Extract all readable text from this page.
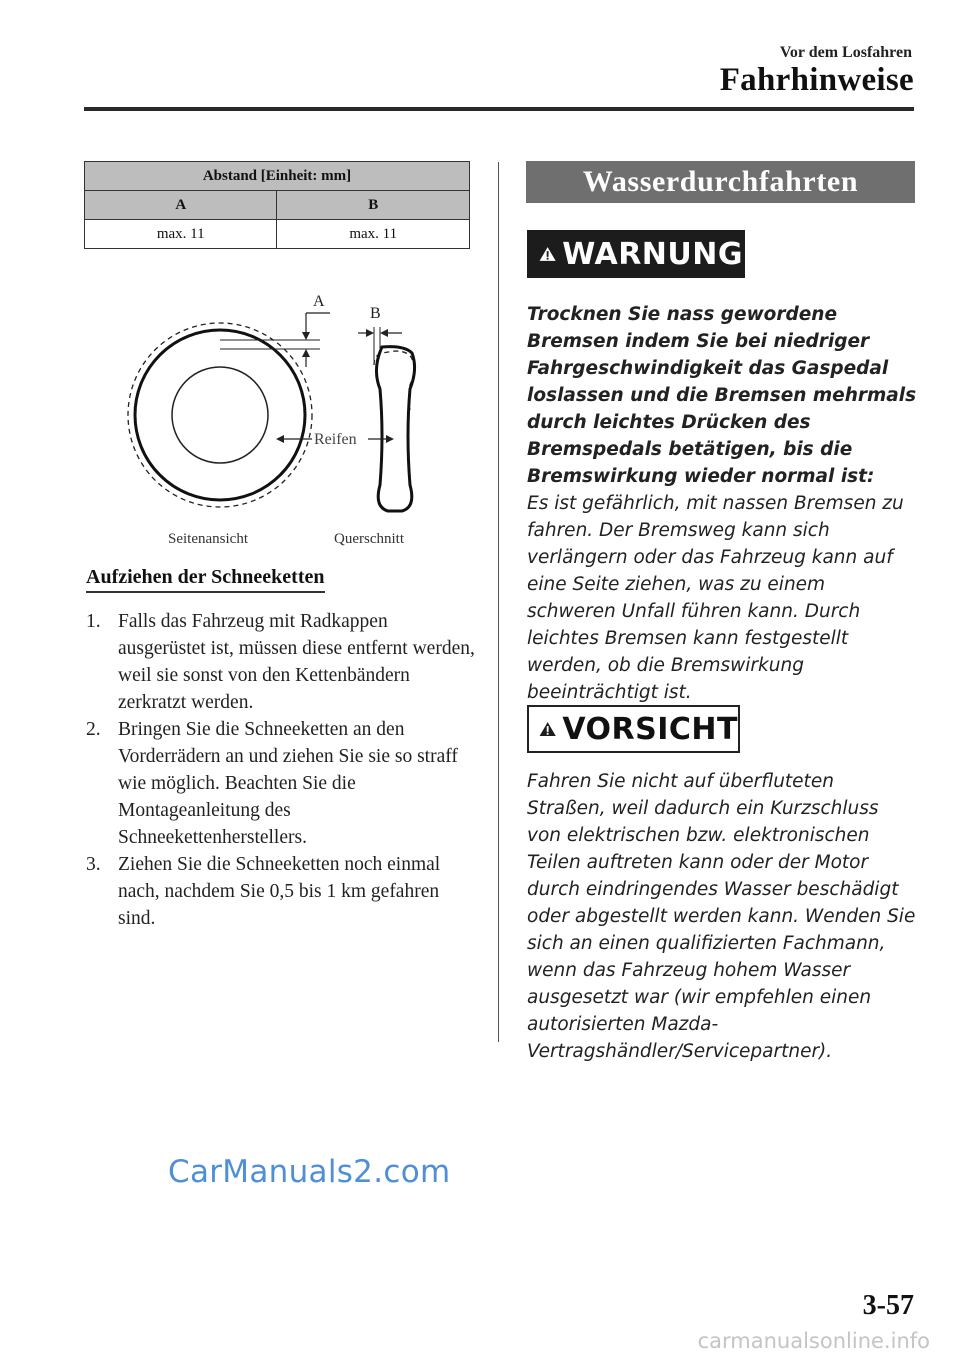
Vor dem Losfahren
Fahrhinweise
Abstand [Einheit: mm]	
A	B
max. 11	max. 11
A
B
Reifen
Seitenansicht	Querschnitt
Aufziehen der Schneeketten
1. Falls das Fahrzeug mit Radkappen ausgerüstet ist, müssen diese entfernt werden, weil sie sonst von den Kettenbändern zerkratzt werden.
2. Bringen Sie die Schneeketten an den Vorderrädern an und ziehen Sie sie so straff wie möglich. Beachten Sie die Montageanleitung des Schneekettenherstellers.
3. Ziehen Sie die Schneeketten noch einmal nach, nachdem Sie 0,5 bis 1 km gefahren sind.
Wasserdurchfahrten
WARNUNG

Trocknen Sie nass gewordene Bremsen indem Sie bei niedriger Fahrgeschwindigkeit das Gaspedal loslassen und die Bremsen mehrmals durch leichtes Drücken des Bremspedals betätigen, bis die Bremswirkung wieder normal ist:
Es ist gefährlich, mit nassen Bremsen zu fahren. Der Bremsweg kann sich verlängern oder das Fahrzeug kann auf eine Seite ziehen, was zu einem schweren Unfall führen kann. Durch leichtes Bremsen kann festgestellt werden, ob die Bremswirkung beeinträchtigt ist.

VORSICHT

Fahren Sie nicht auf überfluteten Straßen, weil dadurch ein Kurzschluss von elektrischen bzw. elektronischen Teilen auftreten kann oder der Motor durch eindringendes Wasser beschädigt oder abgestellt werden kann. Wenden Sie sich an einen qualifizierten Fachmann, wenn das Fahrzeug hohem Wasser ausgesetzt war (wir empfehlen einen autorisierten Mazda-Vertragshändler/Servicepartner).

CarManuals2.com
3-57
carmanualsonline.info
